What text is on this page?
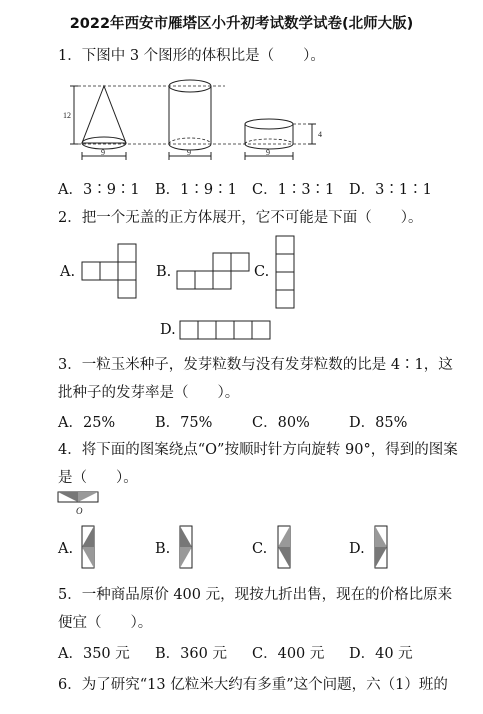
2022年西安市雁塔区小升初考试数学试卷(北师大版)
1．下图中 3 个图形的体积比是（　　）。
12
4
9	9	9
A．3∶9∶1 B．1∶9∶1 C．1∶3∶1 D．3∶1∶1
2．把一个无盖的正方体展开，它不可能是下面（　　）。
A.	B.	C.
D.
3．一粒玉米种子，发芽粒数与没有发芽粒数的比是 4∶1，这
批种子的发芽率是（　　）。
A．25%	B．75%	C．80%	D．85%
4．将下面的图案绕点“O”按顺时针方向旋转 90°，得到的图案
是（　　）。
O
A.	B.	C.	D.
5．一种商品原价 400 元，现按九折出售，现在的价格比原来
便宜（　　）。
A．350 元 B．360 元 C．400 元 D．40 元
6．为了研究“13 亿粒米大约有多重”这个问题，六（1）班的
